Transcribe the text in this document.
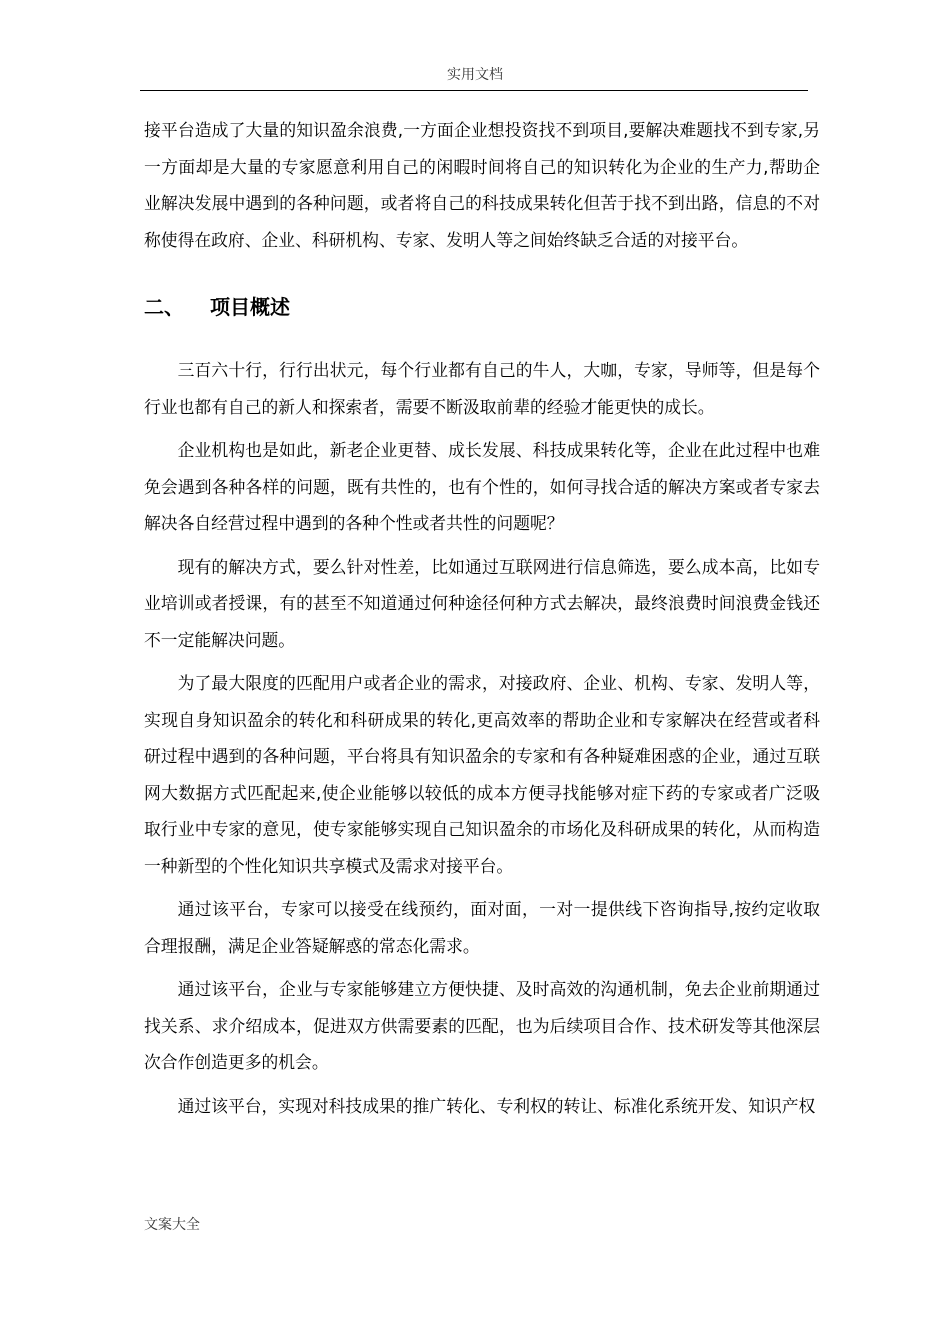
实用文档

接平台造成了大量的知识盈余浪费,一方面企业想投资找不到项目,要解决难题找不到专家,另一方面却是大量的专家愿意利用自己的闲暇时间将自己的知识转化为企业的生产力,帮助企业解决发展中遇到的各种问题，或者将自己的科技成果转化但苦于找不到出路，信息的不对称使得在政府、企业、科研机构、专家、发明人等之间始终缺乏合适的对接平台。

二、 项目概述

三百六十行，行行出状元，每个行业都有自己的牛人，大咖，专家，导师等，但是每个行业也都有自己的新人和探索者，需要不断汲取前辈的经验才能更快的成长。

企业机构也是如此，新老企业更替、成长发展、科技成果转化等，企业在此过程中也难免会遇到各种各样的问题，既有共性的，也有个性的，如何寻找合适的解决方案或者专家去解决各自经营过程中遇到的各种个性或者共性的问题呢？

现有的解决方式，要么针对性差，比如通过互联网进行信息筛选，要么成本高，比如专业培训或者授课，有的甚至不知道通过何种途径何种方式去解决，最终浪费时间浪费金钱还不一定能解决问题。

为了最大限度的匹配用户或者企业的需求，对接政府、企业、机构、专家、发明人等，实现自身知识盈余的转化和科研成果的转化,更高效率的帮助企业和专家解决在经营或者科研过程中遇到的各种问题，平台将具有知识盈余的专家和有各种疑难困惑的企业，通过互联网大数据方式匹配起来,使企业能够以较低的成本方便寻找能够对症下药的专家或者广泛吸取行业中专家的意见，使专家能够实现自己知识盈余的市场化及科研成果的转化，从而构造一种新型的个性化知识共享模式及需求对接平台。

通过该平台，专家可以接受在线预约，面对面，一对一提供线下咨询指导,按约定收取合理报酬，满足企业答疑解惑的常态化需求。

通过该平台，企业与专家能够建立方便快捷、及时高效的沟通机制，免去企业前期通过找关系、求介绍成本，促进双方供需要素的匹配，也为后续项目合作、技术研发等其他深层次合作创造更多的机会。

通过该平台，实现对科技成果的推广转化、专利权的转让、标准化系统开发、知识产权

文案大全
